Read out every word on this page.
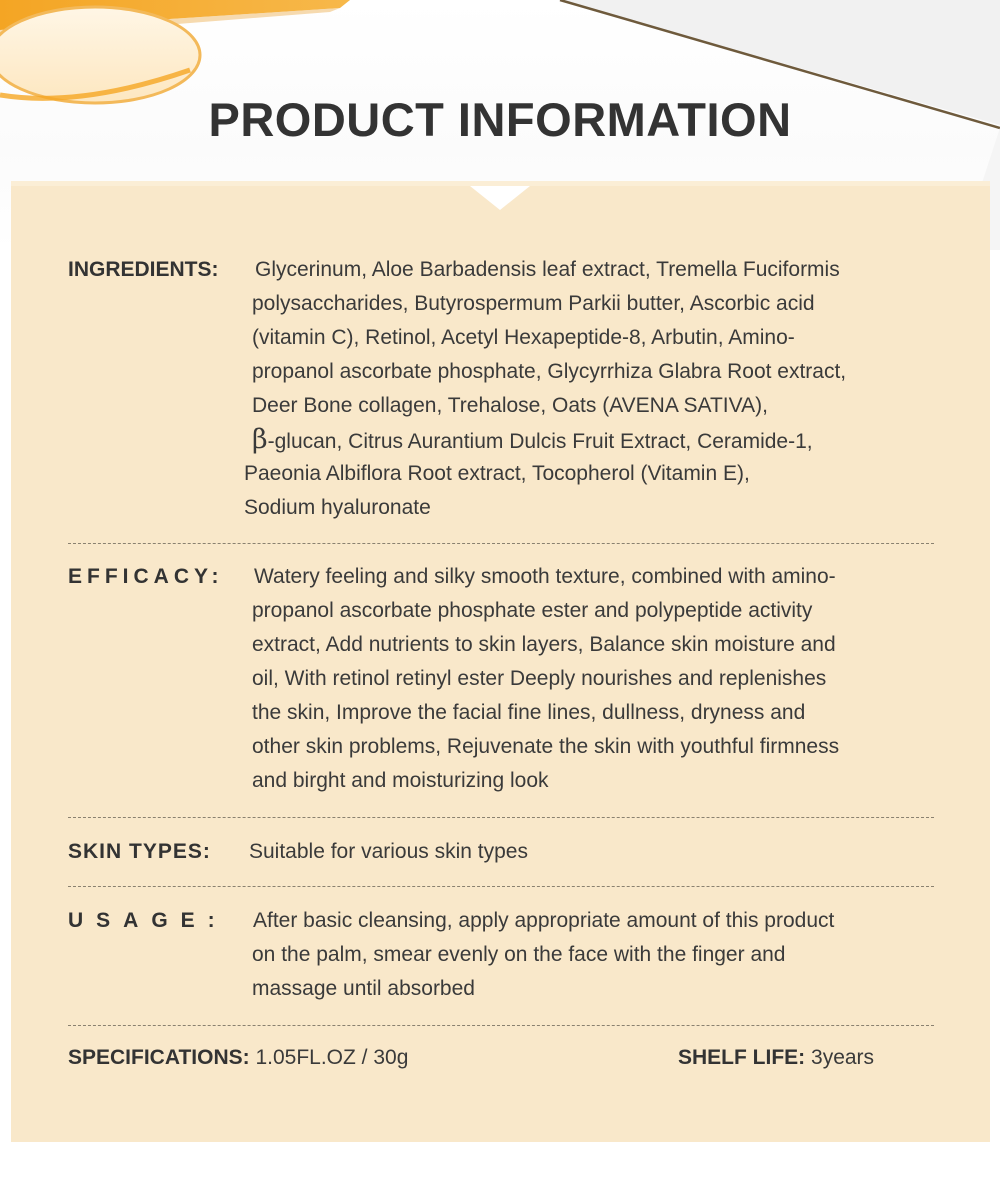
PRODUCT INFORMATION
INGREDIENTS: Glycerinum, Aloe Barbadensis leaf extract, Tremella Fuciformis
polysaccharides, Butyrospermum Parkii butter, Ascorbic acid
(vitamin C), Retinol, Acetyl Hexapeptide-8, Arbutin, Amino-
propanol ascorbate phosphate, Glycyrrhiza Glabra Root extract,
Deer Bone collagen, Trehalose, Oats (AVENA SATIVA),
β-glucan, Citrus Aurantium Dulcis Fruit Extract, Ceramide-1,
Paeonia Albiflora Root extract, Tocopherol (Vitamin E),
Sodium hyaluronate
EFFICACY: Watery feeling and silky smooth texture, combined with amino-
propanol ascorbate phosphate ester and polypeptide activity
extract, Add nutrients to skin layers, Balance skin moisture and
oil, With retinol retinyl ester Deeply nourishes and replenishes
the skin, Improve the facial fine lines, dullness, dryness and
other skin problems, Rejuvenate the skin with youthful firmness
and birght and moisturizing look
SKIN TYPES: Suitable for various skin types
USAGE: After basic cleansing, apply appropriate amount of this product
on the palm, smear evenly on the face with the finger and
massage until absorbed
SPECIFICATIONS: 1.05FL.OZ / 30g	SHELF LIFE: 3years
